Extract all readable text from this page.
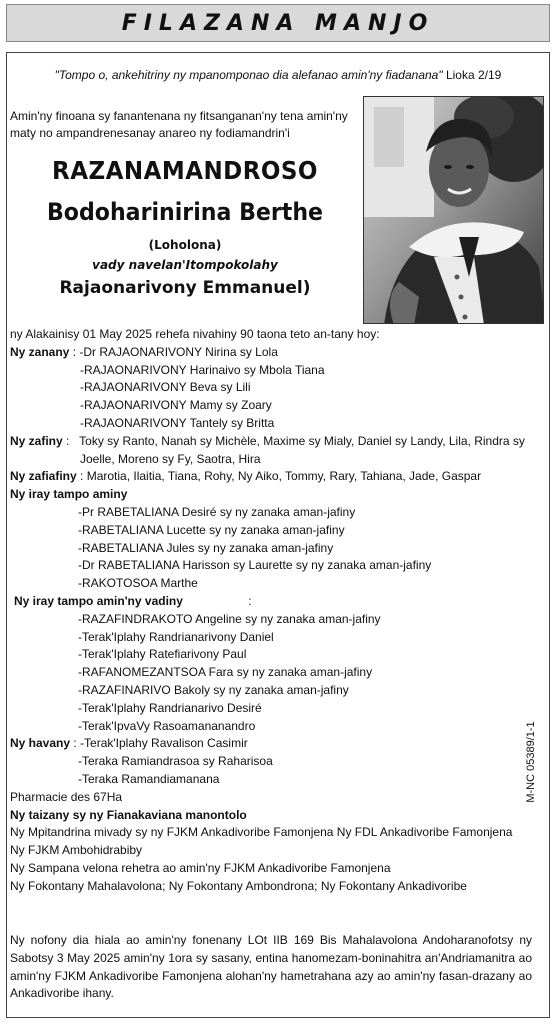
FILAZANA MANJO
"Tompo o, ankehitriny ny mpanomponao dia alefanao amin'ny fiadanana" Lioka 2/19
Amin'ny finoana sy fanantenana ny fitsanganan'ny tena amin'ny maty no ampandrenesanay anareo ny fodiamandrin'i
RAZANAMANDROSO
Bodoharinirina Berthe
(Loholona)
vady navelan'Itompokolahy
Rajaonarivony Emmanuel)
ny Alakainisy 01 May 2025 rehefa nivahiny 90 taona teto an-tany hoy:
Ny zanany : -Dr RAJAONARIVONY Nirina sy Lola
-RAJAONARIVONY Harinaivo sy Mbola Tiana
-RAJAONARIVONY Beva sy Lili
-RAJAONARIVONY Mamy sy Zoary
-RAJAONARIVONY Tantely sy Britta
Ny zafiny :   Toky sy Ranto, Nanah sy Michèle, Maxime sy Mialy, Daniel sy Landy, Lila, Rindra sy
Joelle, Moreno sy Fy, Saotra, Hira
Ny zafiafiny : Marotia, Ilaitia, Tiana, Rohy, Ny Aiko, Tommy, Rary, Tahiana, Jade, Gaspar
Ny iray tampo aminy
-Pr RABETALIANA Desiré sy ny zanaka aman-jafiny
-RABETALIANA Lucette sy ny zanaka aman-jafiny
-RABETALIANA Jules sy ny zanaka aman-jafiny
-Dr RABETALIANA Harisson sy Laurette sy ny zanaka aman-jafiny
-RAKOTOSOA Marthe
Ny iray tampo amin'ny vadiny	:
-RAZAFINDRAKOTO Angeline sy ny zanaka aman-jafiny
-Terak'Iplahy Randrianarivony Daniel
-Terak'Iplahy Ratefiarivony Paul
-RAFANOMEZANTSOA Fara sy ny zanaka aman-jafiny
-RAZAFINARIVO Bakoly sy ny zanaka aman-jafiny
-Terak'Iplahy Randrianarivo Desiré
-Terak'IpvaVy Rasoamananandro
Ny havany : -Terak'Iplahy Ravalison Casimir
-Teraka Ramiandrasoa sy Raharisoa
-Teraka Ramandiamanana
Pharmacie des 67Ha
Ny taizany sy ny Fianakaviana manontolo
Ny Mpitandrina mivady sy ny FJKM Ankadivoribe Famonjena Ny FDL Ankadivoribe Famonjena
Ny FJKM Ambohidrabiby
Ny Sampana velona rehetra ao amin'ny FJKM Ankadivoribe Famonjena
Ny Fokontany Mahalavolona; Ny Fokontany Ambondrona; Ny Fokontany Ankadivoribe
Ny nofony dia hiala ao amin'ny fonenany LOt IIB 169 Bis Mahalavolona Andoharanofotsy ny Sabotsy 3 May 2025 amin'ny 1ora sy sasany, entina hanomezam-boninahitra an'Andriamanitra ao amin'ny FJKM Ankadivoribe Famonjena alohan'ny hametrahana azy ao amin'ny fasan-drazany ao Ankadivoribe ihany.
M-NC 05389/1-1
